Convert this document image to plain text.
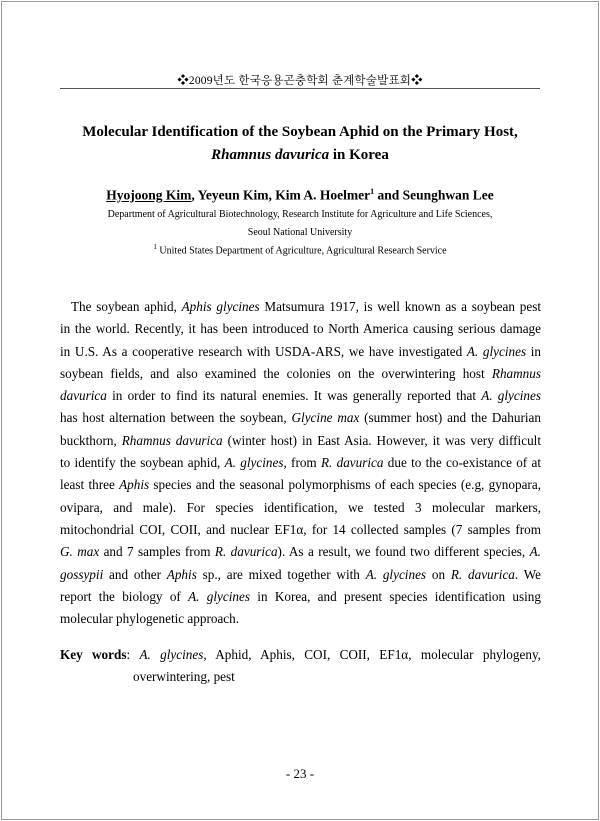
❖2009년도 한국응용곤충학회 춘계학술발표회❖
Molecular Identification of the Soybean Aphid on the Primary Host,
Rhamnus davurica in Korea
Hyojoong Kim, Yeyeun Kim, Kim A. Hoelmer$^1$ and Seunghwan Lee
Department of Agricultural Biotechnology, Research Institute for Agriculture and Life Sciences,
Seoul National University
$^1$ United States Department of Agriculture, Agricultural Research Service
The soybean aphid, Aphis glycines Matsumura 1917, is well known as a soybean pest
in the world. Recently, it has been introduced to North America causing serious damage
in U.S. As a cooperative research with USDA-ARS, we have investigated A. glycines in
soybean fields, and also examined the colonies on the overwintering host Rhamnus
davurica in order to find its natural enemies. It was generally reported that A. glycines
has host alternation between the soybean, Glycine max (summer host) and the Dahurian
buckthorn, Rhamnus davurica (winter host) in East Asia. However, it was very difficult
to identify the soybean aphid, A. glycines, from R. davurica due to the co-existance of at
least three Aphis species and the seasonal polymorphisms of each species (e.g, gynopara,
ovipara, and male). For species identification, we tested 3 molecular markers,
mitochondrial COI, COII, and nuclear EF1α, for 14 collected samples (7 samples from
G. max and 7 samples from R. davurica). As a result, we found two different species, A.
gossypii and other Aphis sp., are mixed together with A. glycines on R. davurica. We
report the biology of A. glycines in Korea, and present species identification using
molecular phylogenetic approach.
Key words: A. glycines, Aphid, Aphis, COI, COII, EF1α, molecular phylogeny,
overwintering, pest
- 23 -
